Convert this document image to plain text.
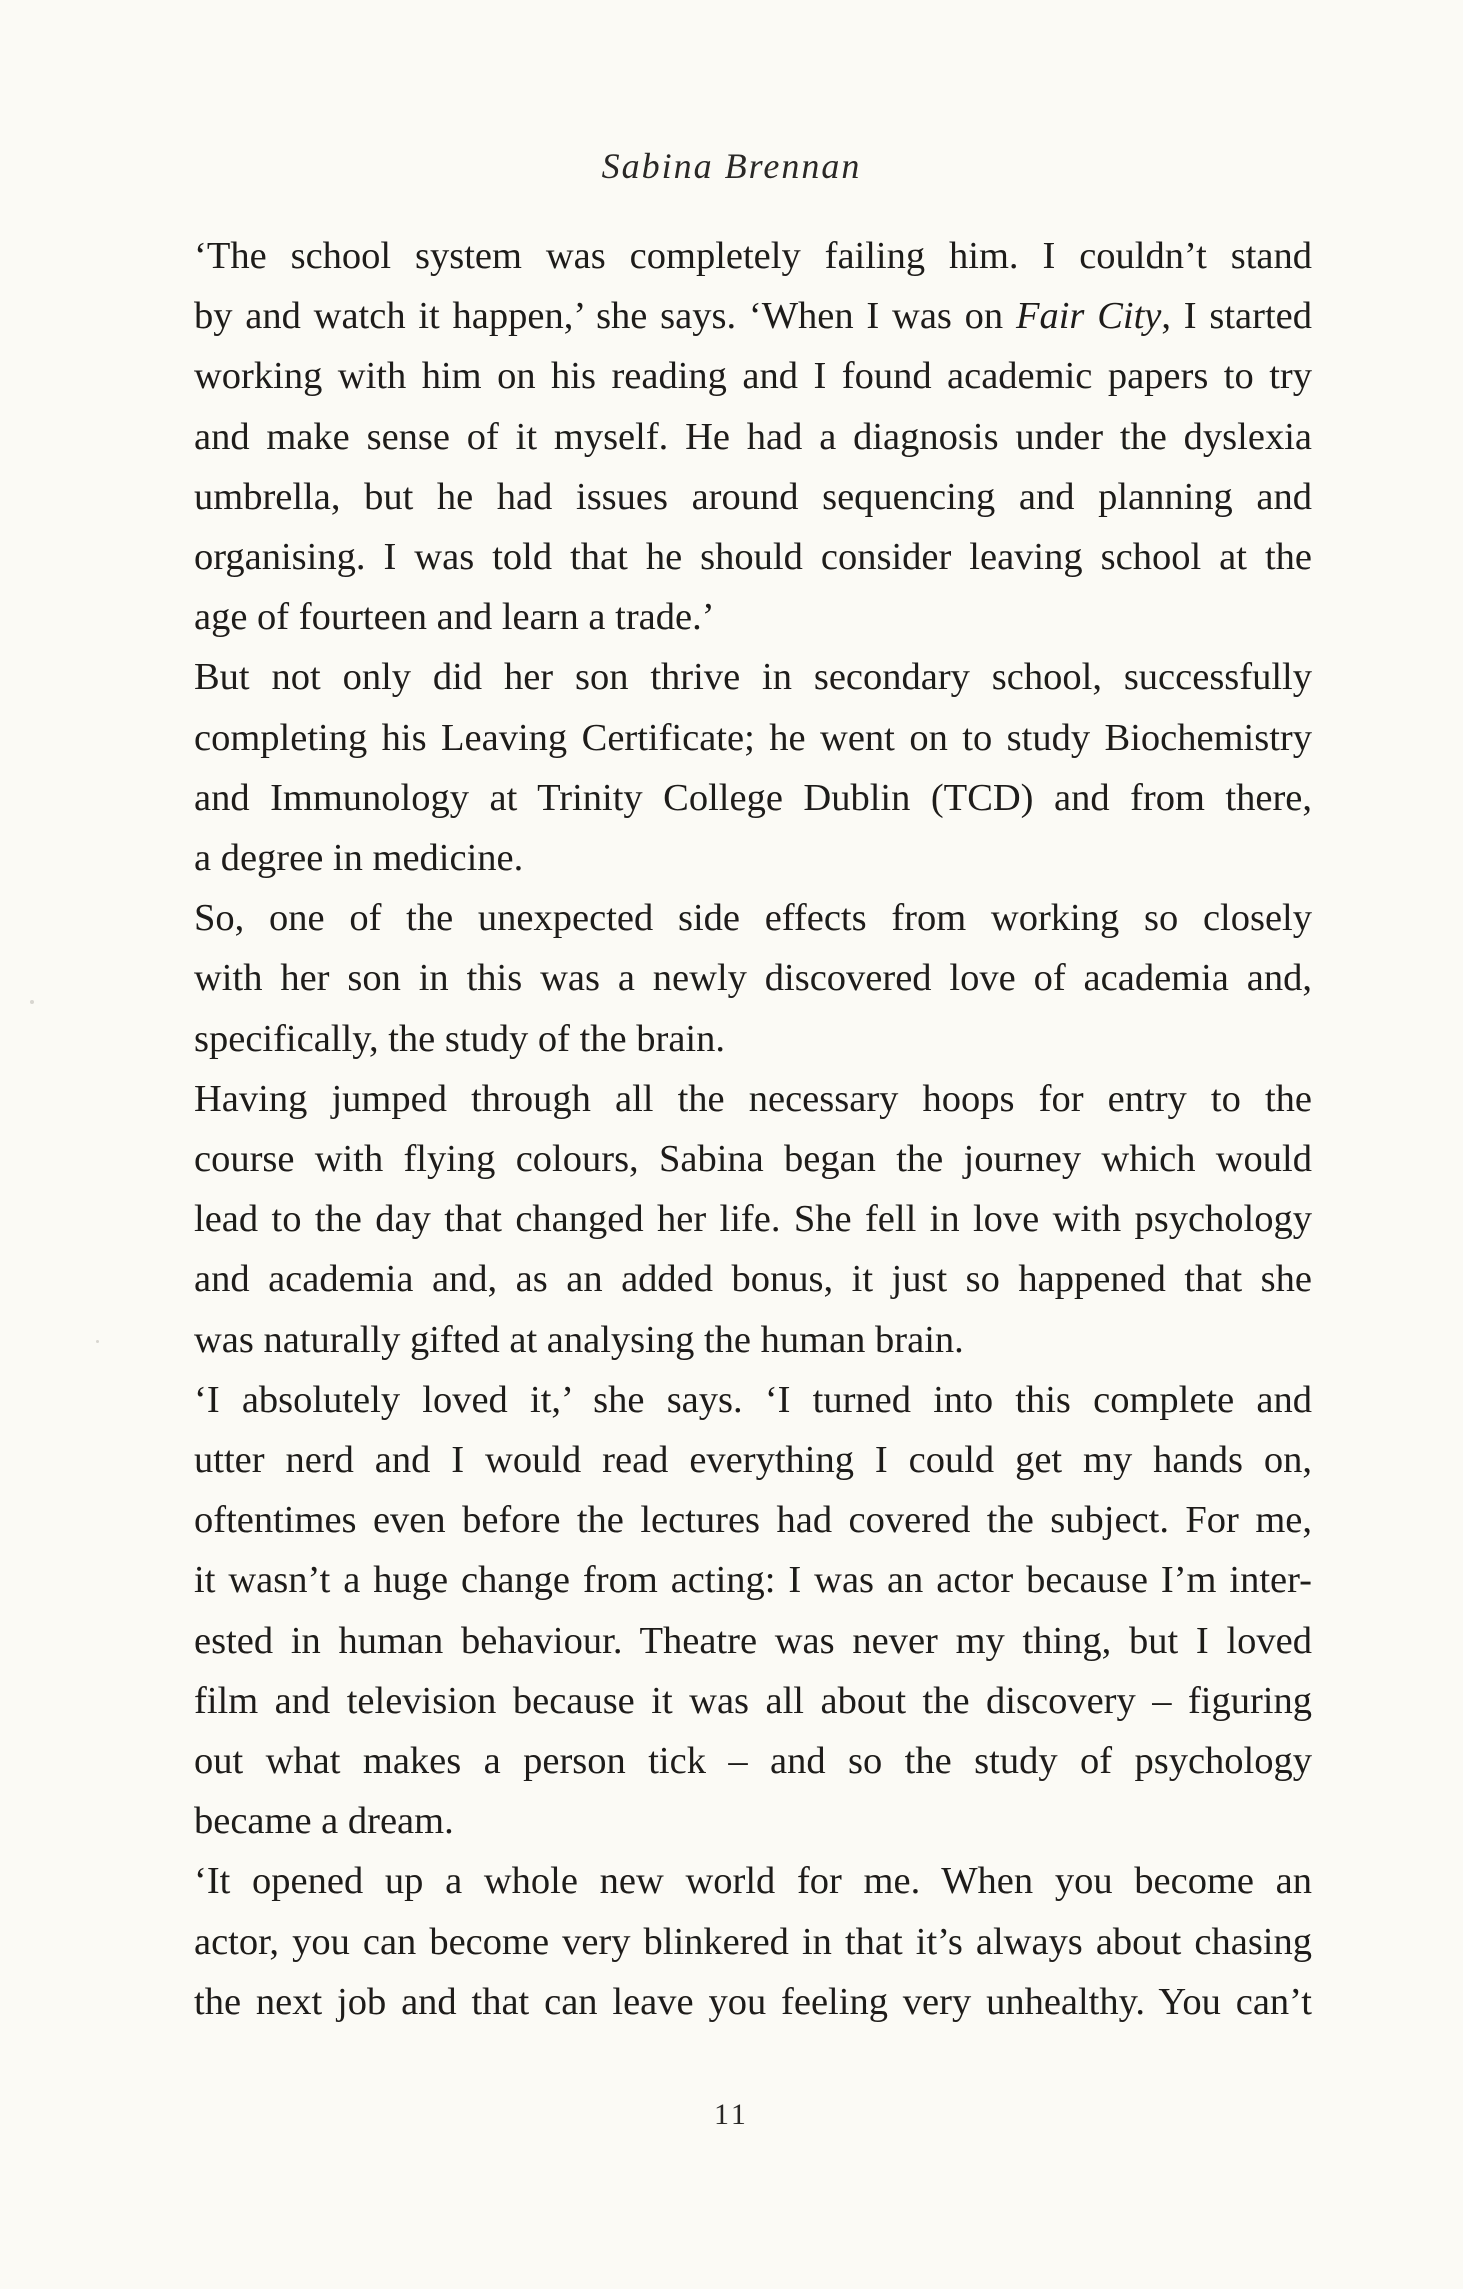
Sabina Brennan

‘The school system was completely failing him. I couldn’t stand
by and watch it happen,’ she says. ‘When I was on Fair City, I started
working with him on his reading and I found academic papers to try
and make sense of it myself. He had a diagnosis under the dyslexia
umbrella, but he had issues around sequencing and planning and
organising. I was told that he should consider leaving school at the
age of fourteen and learn a trade.’

But not only did her son thrive in secondary school, successfully
completing his Leaving Certificate; he went on to study Biochemistry
and Immunology at Trinity College Dublin (TCD) and from there,
a degree in medicine.

So, one of the unexpected side effects from working so closely
with her son in this was a newly discovered love of academia and,
specifically, the study of the brain.

Having jumped through all the necessary hoops for entry to the
course with flying colours, Sabina began the journey which would
lead to the day that changed her life. She fell in love with psychology
and academia and, as an added bonus, it just so happened that she
was naturally gifted at analysing the human brain.

‘I absolutely loved it,’ she says. ‘I turned into this complete and
utter nerd and I would read everything I could get my hands on,
oftentimes even before the lectures had covered the subject. For me,
it wasn’t a huge change from acting: I was an actor because I’m inter-
ested in human behaviour. Theatre was never my thing, but I loved
film and television because it was all about the discovery – figuring
out what makes a person tick – and so the study of psychology
became a dream.

‘It opened up a whole new world for me. When you become an
actor, you can become very blinkered in that it’s always about chasing
the next job and that can leave you feeling very unhealthy. You can’t

11
